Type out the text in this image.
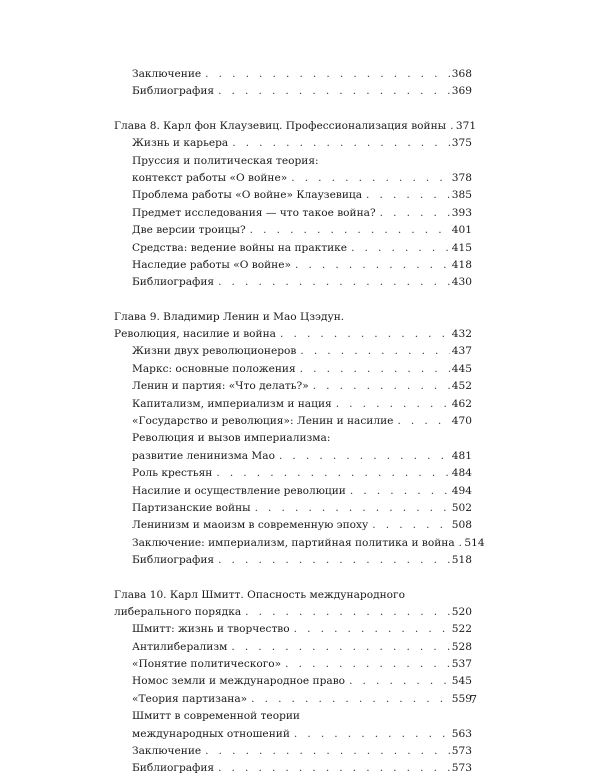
Заключение . .	368
Библиография . .	369
Глава 8. Карл фон Клаузевиц. Профессионализация войны . . 371
Жизнь и карьера . .	375
Пруссия и политическая теория:
контекст работы «О войне» . .	378
Проблема работы «О войне» Клаузевица . .	385
Предмет исследования — что такое война? . .	393
Две версии троицы? . .	401
Средства: ведение войны на практике . .	415
Наследие работы «О войне» . .	418
Библиография . .	430
Глава 9. Владимир Ленин и Мао Цзэдун.
Революция, насилие и война . .	432
Жизни двух революционеров . .	437
Маркс: основные положения . .	445
Ленин и партия: «Что делать?» . .	452
Капитализм, империализм и нация . .	462
«Государство и революция»: Ленин и насилие . .	470
Революция и вызов империализма:
развитие ленинизма Мао . .	481
Роль крестьян . .	484
Насилие и осуществление революции . .	494
Партизанские войны . .	502
Ленинизм и маоизм в современную эпоху . .	508
Заключение: империализм, партийная политика и война . . 514
Библиография . .	518
Глава 10. Карл Шмитт. Опасность международного
либерального порядка . .	520
Шмитт: жизнь и творчество . .	522
Антилиберализм . .	528
«Понятие политического» . .	537
Номос земли и международное право . .	545
«Теория партизана» . .	559
Шмитт в современной теории
международных отношений . .	563
Заключение . .	573
Библиография . .	573
7
